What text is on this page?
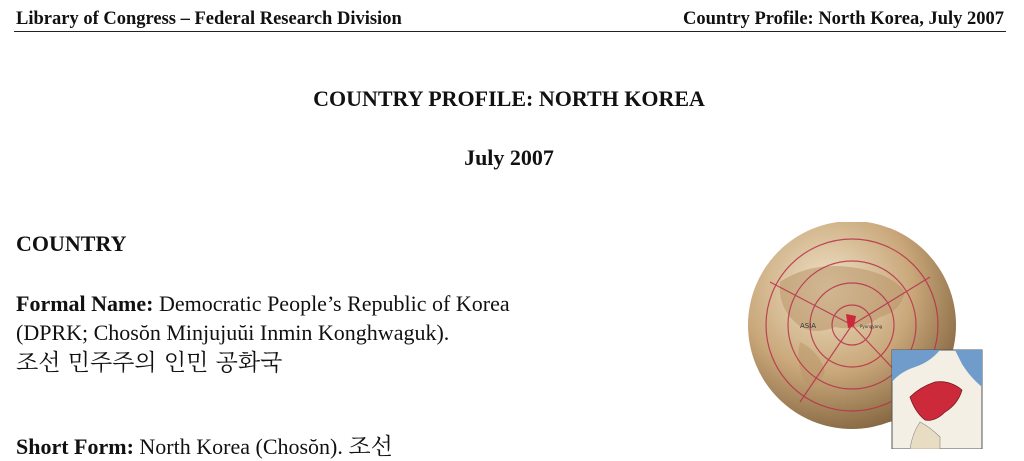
Library of Congress – Federal Research Division	Country Profile: North Korea, July 2007
COUNTRY PROFILE: NORTH KOREA
July 2007
COUNTRY
Formal Name: Democratic People’s Republic of Korea
(DPRK; Chosŏn Minjujuŭi Inmin Konghwaguk).
조선 민주주의 인민 공화국
Short Form: North Korea (Chosŏn). 조선
ASIA	Pyongyang
